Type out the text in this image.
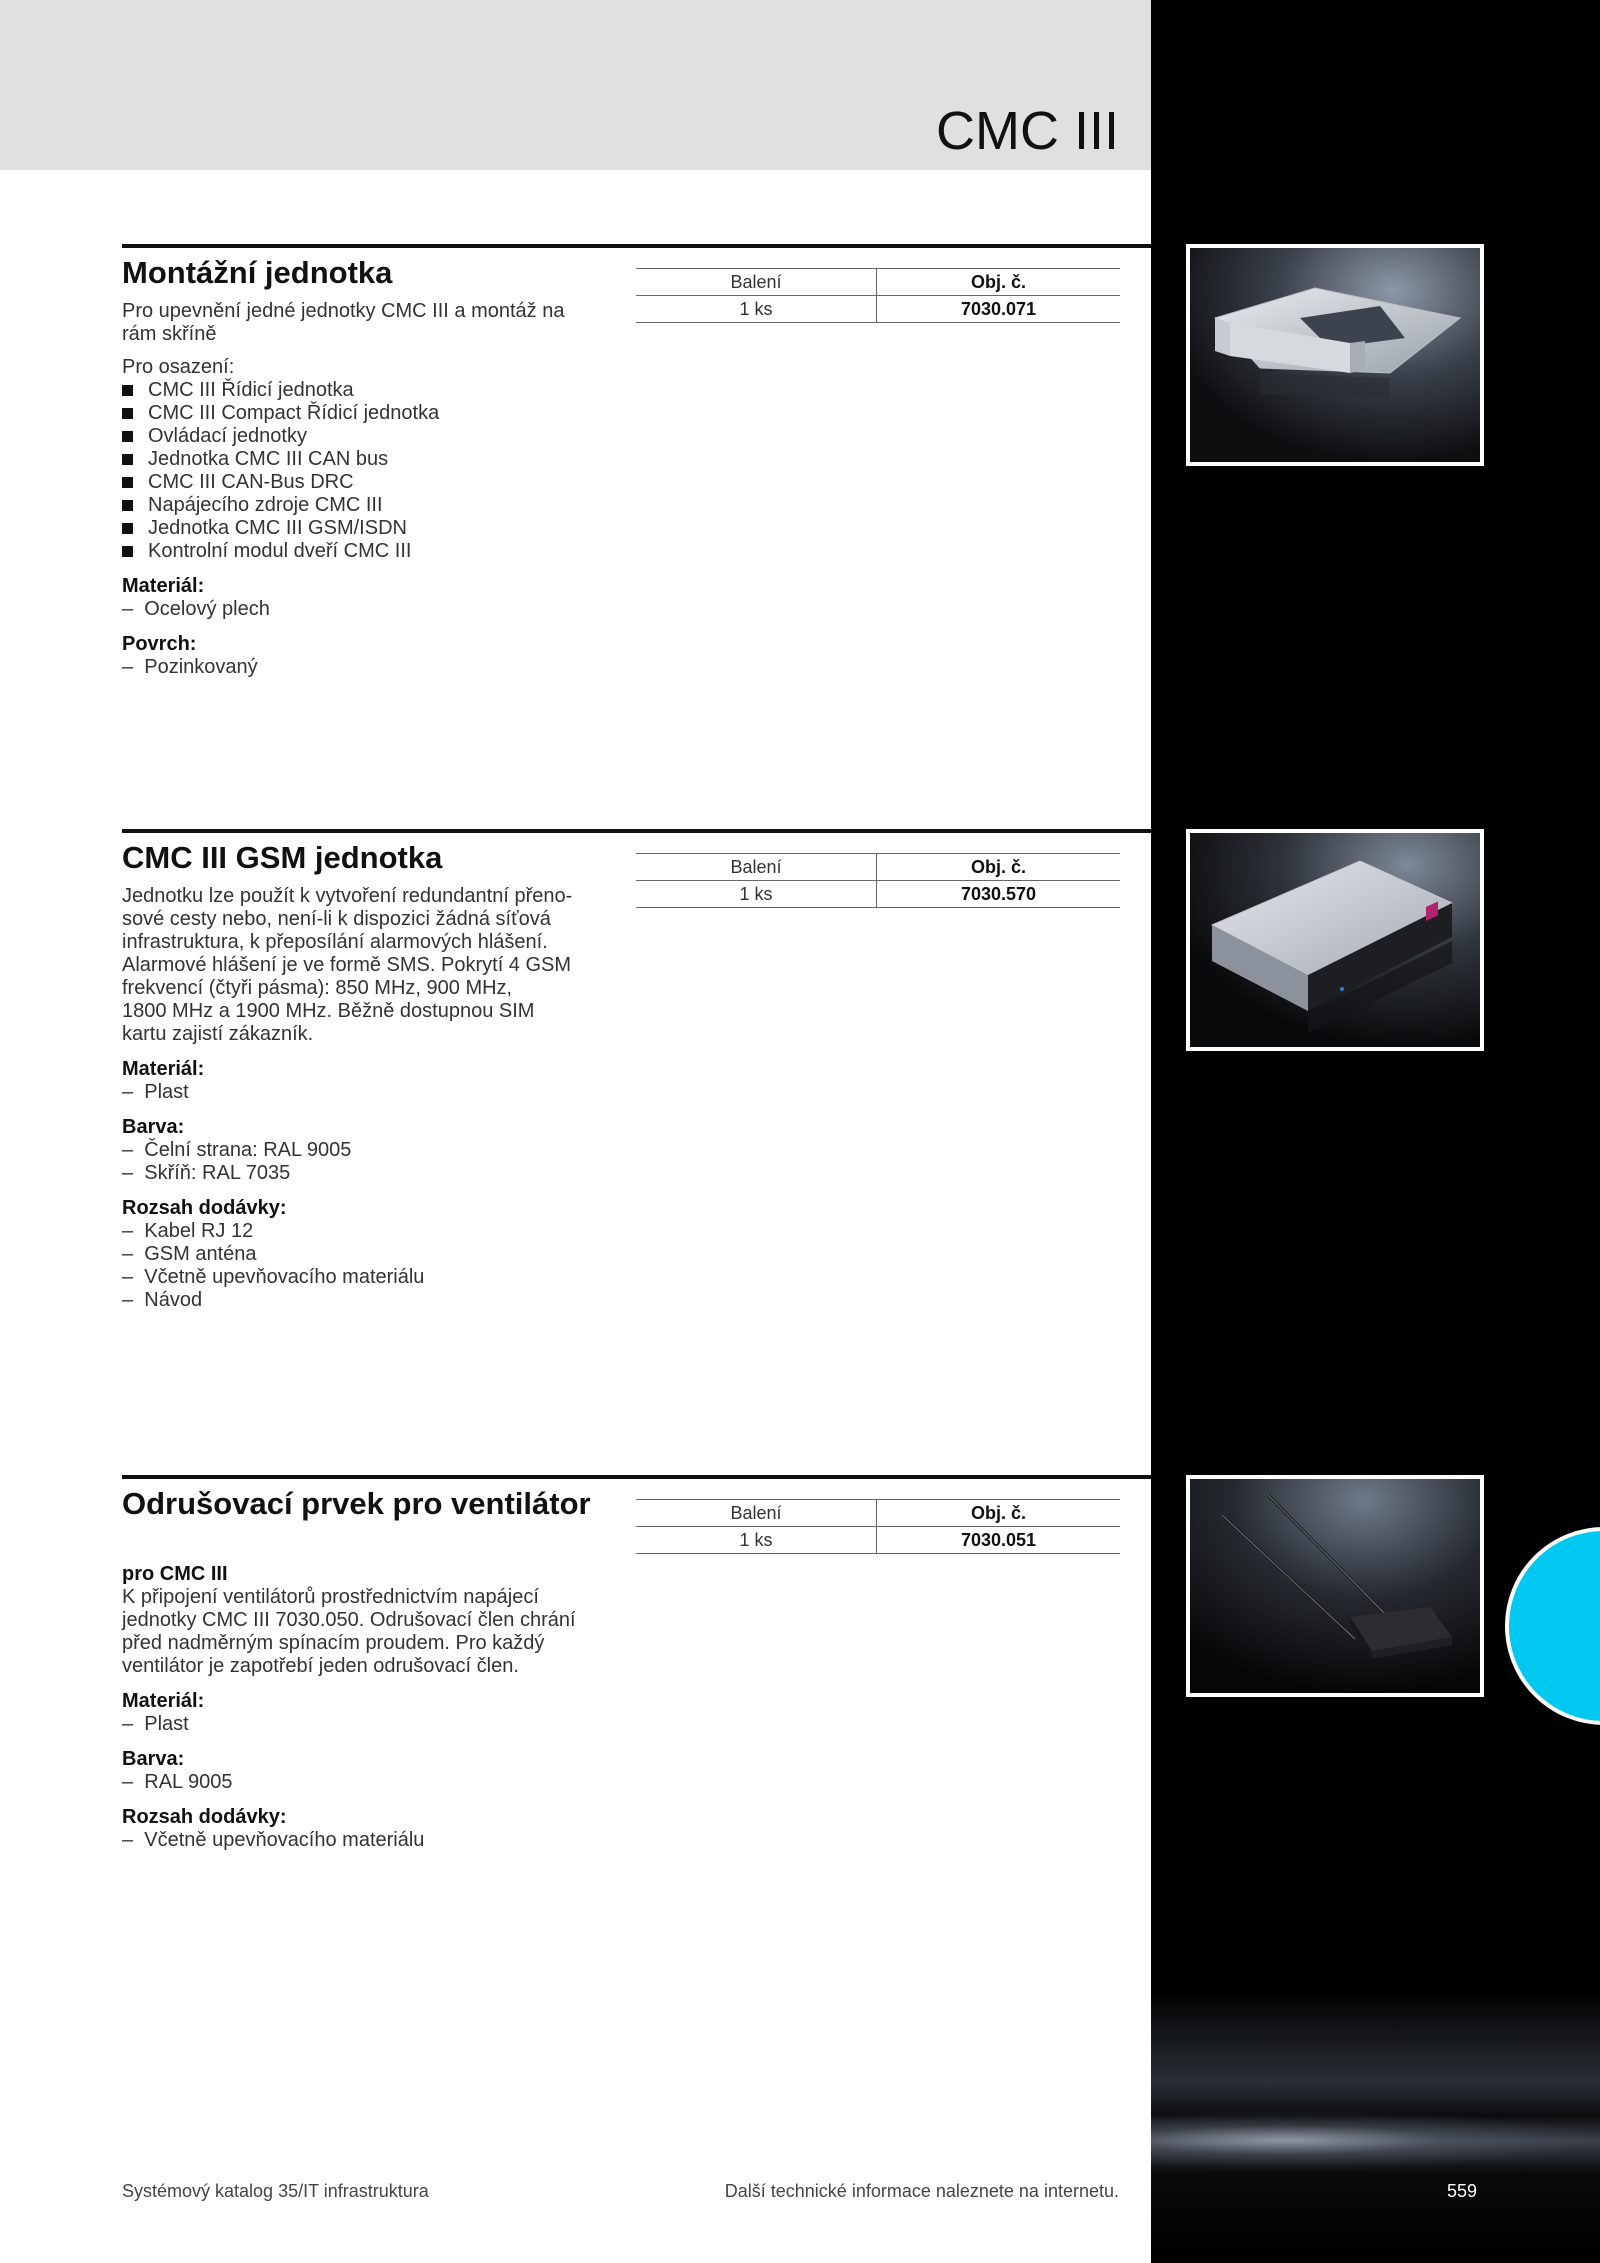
CMC III
Montážní jednotka
Pro upevnění jedné jednotky CMC III a montáž na rám skříně
Pro osazení:
CMC III Řídicí jednotka
CMC III Compact Řídicí jednotka
Ovládací jednotky
Jednotka CMC III CAN bus
CMC III CAN-Bus DRC
Napájecího zdroje CMC III
Jednotka CMC III GSM/ISDN
Kontrolní modul dveří CMC III
Materiál:
– Ocelový plech
Povrch:
– Pozinkovaný
Balení	Obj. č.
1 ks	7030.071
CMC III GSM jednotka
Jednotku lze použít k vytvoření redundantní přeno-
sové cesty nebo, není-li k dispozici žádná síťová
infrastruktura, k přeposílání alarmových hlášení.
Alarmové hlášení je ve formě SMS. Pokrytí 4 GSM
frekvencí (čtyři pásma): 850 MHz, 900 MHz,
1800 MHz a 1900 MHz. Běžně dostupnou SIM
kartu zajistí zákazník.
Materiál:
– Plast
Barva:
– Čelní strana: RAL 9005
– Skříň: RAL 7035
Rozsah dodávky:
– Kabel RJ 12
– GSM anténa
– Včetně upevňovacího materiálu
– Návod
Balení	Obj. č.
1 ks	7030.570
Odrušovací prvek pro ventilátor
pro CMC III
K připojení ventilátorů prostřednictvím napájecí
jednotky CMC III 7030.050. Odrušovací člen chrání
před nadměrným spínacím proudem. Pro každý
ventilátor je zapotřebí jeden odrušovací člen.
Materiál:
– Plast
Barva:
– RAL 9005
Rozsah dodávky:
– Včetně upevňovacího materiálu
Balení	Obj. č.
1 ks	7030.051
Systémový katalog 35/IT infrastruktura	Další technické informace naleznete na internetu.	559
